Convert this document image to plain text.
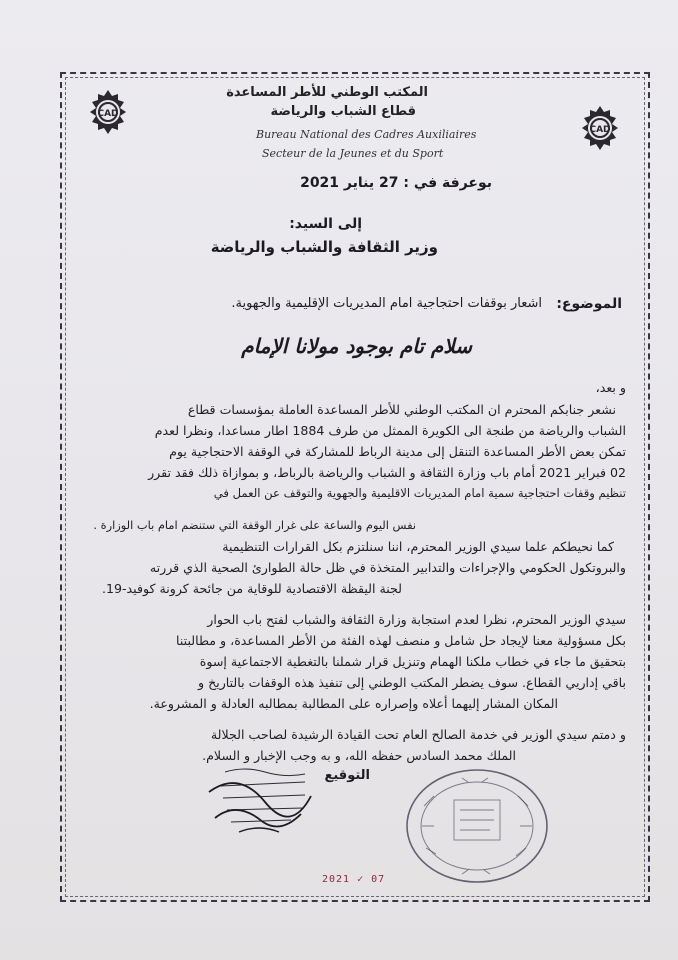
CAD
CAD
المكتب الوطني للأطر المساعدة
قطاع الشباب والرياضة
Bureau National des Cadres Auxiliaires
Secteur de la Jeunes et du Sport
بوعرفة في : 27 يناير 2021
إلى السيد:
وزير الثقافة والشباب والرياضة
الموضوع:
اشعار بوقفات احتجاجية امام المديريات الإقليمية والجهوية.
سلام تام بوجود مولانا الإمام
و بعد،
نشعر جنابكم المحترم ان المكتب الوطني للأطر المساعدة العاملة بمؤسسات قطاع
الشباب والرياضة من طنجة الى الكويرة الممثل من طرف 1884 اطار مساعدا، ونظرا لعدم
تمكن بعض الأطر المساعدة التنقل إلى مدينة الرباط للمشاركة في الوقفة الاحتجاجية يوم
02 فبراير 2021 أمام باب وزارة الثقافة و الشباب والرياضة بالرباط، و بموازاة ذلك فقد تقرر
تنظيم وقفات احتجاجية سمية امام المديريات الاقليمية والجهوية والتوقف عن العمل في
نفس اليوم والساعة على غرار الوقفة التي ستنضم امام باب الوزارة .
كما نحيطكم علما سيدي الوزير المحترم، اننا سنلتزم بكل القرارات التنظيمية
والبروتكول الحكومي والإجراءات والتدابير المتخذة في ظل حالة الطوارئ الصحية الذي قررته
لجنة اليقظة الاقتصادية للوقاية من جائحة كرونة كوفيد-19.
سيدي الوزير المحترم، نظرا لعدم استجابة وزارة الثقافة والشباب لفتح باب الحوار
بكل مسؤولية معنا لإيجاد حل شامل و منصف لهذه الفئة من الأطر المساعدة، و مطالبتنا
بتحقيق ما جاء في خطاب ملكنا الهمام وتنزيل قرار شملنا بالتغطية الاجتماعية إسوة
باقي إداريي القطاع. سوف يضطر المكتب الوطني إلى تنفيذ هذه الوقفات بالتاريخ و
المكان المشار إليهما أعلاه وإصراره على المطالبة بمطالبه العادلة و المشروعة.
و دمتم سيدي الوزير في خدمة الصالح العام تحت القيادة الرشيدة لصاحب الجلالة
الملك محمد السادس حفظه الله، و به وجب الإخبار و السلام.
التوقيع
2021 ✓ 07
